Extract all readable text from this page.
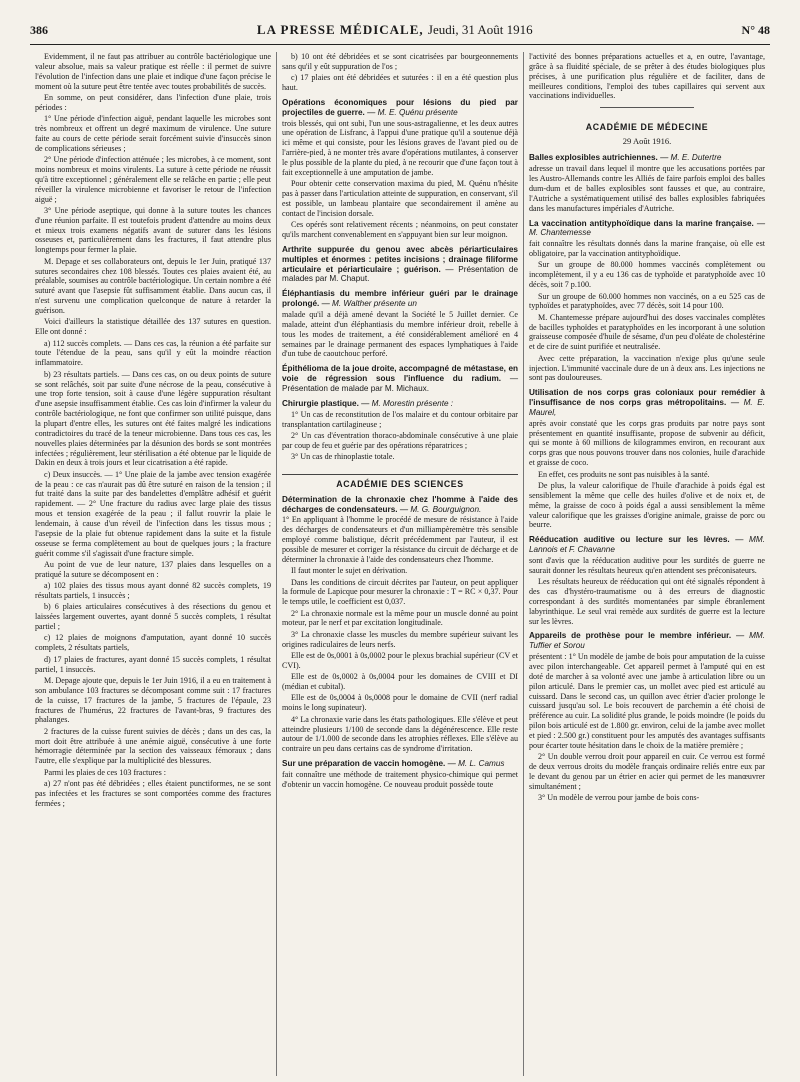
386	LA PRESSE MÉDICALE, Jeudi, 31 Août 1916	N° 48

Evidemment, il ne faut pas attribuer au contrôle bactériologique une valeur absolue, mais sa valeur pratique est réelle : il permet de suivre l'évolution de l'infection dans une plaie et indique d'une façon précise le moment où la suture peut être tentée avec toutes probabilités de succès.

En somme, on peut considérer, dans l'infection d'une plaie, trois périodes :

1° Une période d'infection aiguë, pendant laquelle les microbes sont très nombreux et offrent un degré maximum de virulence. Une suture faite au cours de cette période serait forcément suivie d'insuccès sinon de complications sérieuses ;

2° Une période d'infection atténuée ; les microbes, à ce moment, sont moins nombreux et moins virulents. La suture à cette période ne réussit qu'à titre exceptionnel ; généralement elle se relâche en partie ; elle peut réveiller la virulence microbienne et favoriser le retour de l'infection aiguë ;

3° Une période aseptique, qui donne à la suture toutes les chances d'une réunion parfaite. Il est toutefois prudent d'attendre au moins deux et mieux trois examens négatifs avant de suturer dans les lésions osseuses et, particulièrement dans les fractures, il faut attendre plus longtemps pour fermer la plaie.

M. Depage et ses collaborateurs ont, depuis le 1er Juin, pratiqué 137 sutures secondaires chez 108 blessés. Toutes ces plaies avaient été, au préalable, soumises au contrôle bactériologique. Un certain nombre a été suturé avant que l'asepsie fût suffisamment établie. Dans aucun cas, il n'est survenu une complication quelconque de nature à retarder la guérison.

Voici d'ailleurs la statistique détaillée des 137 sutures en question. Elle ont donné :

a) 112 succès complets. — Dans ces cas, la réunion a été parfaite sur toute l'étendue de la peau, sans qu'il y eût la moindre réaction inflammatoire.

b) 23 résultats partiels. — Dans ces cas, on ou deux points de suture se sont relâchés, soit par suite d'une nécrose de la peau, consécutive à une trop forte tension, soit à cause d'une légère suppuration résultant d'une asepsie insuffisamment établie. Ces cas loin d'infirmer la valeur du contrôle bactériologique, ne font que confirmer son utilité puisque, dans la plupart d'entre elles, les sutures ont été faites malgré les indications contradictoires du tracé de la teneur microbienne. Dans tous ces cas, les nouvelles plaies déterminées par la désunion des bords se sont montrées infectées ; régulièrement, leur stérilisation a été obtenue par le liquide de Dakin en deux à trois jours et leur cicatrisation a été rapide.

c) Deux insuccès. — 1° Une plaie de la jambe avec tension exagérée de la peau : ce cas n'aurait pas dû être suturé en raison de la tension ; il fut traité dans la suite par des bandelettes d'emplâtre adhésif et guérit rapidement. — 2° Une fracture du radius avec large plaie des tissus mous et tension exagérée de la peau ; il fallut rouvrir la plaie le lendemain, à cause d'un réveil de l'infection dans les tissus mous ; l'asepsie de la plaie fut obtenue rapidement dans la suite et la fistule osseuse se ferma complètement au bout de quelques jours ; la fracture guérit comme s'il s'agissait d'une fracture simple.

Au point de vue de leur nature, 137 plaies dans lesquelles on a pratiqué la suture se décomposent en :

a) 102 plaies des tissus mous ayant donné 82 succès complets, 19 résultats partiels, 1 insuccès ;

b) 6 plaies articulaires consécutives à des résections du genou et laissées largement ouvertes, ayant donné 5 succès complets, 1 résultat partiel ;

c) 12 plaies de moignons d'amputation, ayant donné 10 succès complets, 2 résultats partiels,

d) 17 plaies de fractures, ayant donné 15 succès complets, 1 résultat partiel, 1 insuccès.

M. Depage ajoute que, depuis le 1er Juin 1916, il a eu en traitement à son ambulance 103 fractures se décomposant comme suit : 17 fractures de la cuisse, 17 fractures de la jambe, 5 fractures de l'épaule, 23 fractures de l'humérus, 22 fractures de l'avant-bras, 9 fractures des phalanges.

2 fractures de la cuisse furent suivies de décès ; dans un des cas, la mort doit être attribuée à une anémie aiguë, consécutive à une forte hémorragie déterminée par la section des vaisseaux fémoraux ; dans l'autre, elle s'explique par la multiplicité des blessures.

Parmi les plaies de ces 103 fractures :

a) 27 n'ont pas été débridées ; elles étaient punctiformes, ne se sont pas infectées et les fractures se sont comportées comme des fractures fermées ;

b) 10 ont été débridées et se sont cicatrisées par bourgeonnements sans qu'il y eût suppuration de l'os ;

c) 17 plaies ont été débridées et suturées : il en a été question plus haut.

Opérations économiques pour lésions du pied par projectiles de guerre. — M. E. Quénu présente

trois blessés, qui ont subi, l'un une sous-astragalienne, et les deux autres une opération de Lisfranc, à l'appui d'une pratique qu'il a soutenue déjà ici même et qui consiste, pour les lésions graves de l'avant pied ou de l'arrière-pied, à ne monter très avare d'opérations mutilantes, à conserver le plus possible de la plante du pied, à ne recourir que d'une façon tout à fait exceptionnelle à une amputation de jambe.

Pour obtenir cette conservation maxima du pied, M. Quénu n'hésite pas à passer dans l'articulation atteinte de suppuration, en conservant, s'il est possible, un lambeau plantaire que secondairement il amène au contact de l'incision dorsale.

Ces opérés sont relativement récents ; néanmoins, on peut constater qu'ils marchent convenablement en s'appuyant bien sur leur moignon.

Arthrite suppurée du genou avec abcès périarticulaires multiples et énormes : petites incisions ; drainage filiforme articulaire et périarticulaire ; guérison. — Présentation de malades par M. Chaput.
Éléphantiasis du membre inférieur guéri par le drainage prolongé. — M. Walther présente un

malade qu'il a déjà amené devant la Société le 5 Juillet dernier. Ce malade, atteint d'un éléphantiasis du membre inférieur droit, rebelle à tous les modes de traitement, a été considérablement amélioré en 4 semaines par le drainage permanent des espaces lymphatiques à l'aide d'un tube de caoutchouc perforé.

Épithélioma de la joue droite, accompagné de métastase, en voie de régression sous l'influence du radium. — Présentation de malade par M. Michaux.
Chirurgie plastique. — M. Morestin présente :

1° Un cas de reconstitution de l'os malaire et du contour orbitaire par transplantation cartilagineuse ;

2° Un cas d'éventration thoraco-abdominale consécutive à une plaie par coup de feu et guérie par des opérations réparatrices ;

3° Un cas de rhinoplastie totale.

ACADÉMIE DES SCIENCES
Détermination de la chronaxie chez l'homme à l'aide des décharges de condensateurs. — M. G. Bourguignon.

1° En appliquant à l'homme le procédé de mesure de résistance à l'aide des décharges de condensateurs et d'un milliampèremètre très sensible employé comme balistique, décrit précédemment par l'auteur, il est possible de mesurer et corriger la résistance du circuit de décharge et de déterminer la chronaxie à l'aide des condensateurs chez l'homme.

Il faut monter le sujet en dérivation.

Dans les conditions de circuit décrites par l'auteur, on peut appliquer la formule de Lapicque pour mesurer la chronaxie : T = RC × 0,37. Pour le temps utile, le coefficient est 0,037.

2° La chronaxie normale est la même pour un muscle donné au point moteur, par le nerf et par excitation longitudinale.

3° La chronaxie classe les muscles du membre supérieur suivant les origines radiculaires de leurs nerfs.

Elle est de 0s,0001 à 0s,0002 pour le plexus brachial supérieur (CV et CVI).

Elle est de 0s,0002 à 0s,0004 pour les domaines de CVIII et DI (médian et cubital).

Elle est de 0s,0004 à 0s,0008 pour le domaine de CVII (nerf radial moins le long supinateur).

4° La chronaxie varie dans les états pathologiques. Elle s'élève et peut atteindre plusieurs 1/100 de seconde dans la dégénérescence. Elle reste autour de 1/1.000 de seconde dans les atrophies réflexes. Elle s'élève au contraire un peu dans certains cas de syndrome d'irritation.

Sur une préparation de vaccin homogène. — M. L. Camus

fait connaître une méthode de traitement physico-chimique qui permet d'obtenir un vaccin homogène. Ce nouveau produit possède toute

l'activité des bonnes préparations actuelles et a, en outre, l'avantage, grâce à sa fluidité spéciale, de se prêter à des études biologiques plus précises, à une purification plus régulière et de faciliter, dans de meilleures conditions, l'emploi des tubes capillaires qui servent aux vaccinations individuelles.

ACADÉMIE DE MÉDECINE
29 Août 1916.
Balles explosibles autrichiennes. — M. E. Dutertre

adresse un travail dans lequel il montre que les accusations portées par les Austro-Allemands contre les Alliés de faire parfois emploi des balles dum-dum et de balles explosibles sont fausses et que, au contraire, l'Autriche a systématiquement utilisé des balles explosibles fabriquées dans les manufactures impériales d'Autriche.

La vaccination antityphoïdique dans la marine française. — M. Chantemesse

fait connaître les résultats donnés dans la marine française, où elle est obligatoire, par la vaccination antityphoïdique.

Sur un groupe de 80.000 hommes vaccinés complètement ou incomplètement, il y a eu 136 cas de typhoïde et paratyphoïde avec 10 décès, soit 7 p.100.

Sur un groupe de 60.000 hommes non vaccinés, on a eu 525 cas de typhoïdes et paratyphoïdes, avec 77 décès, soit 14 pour 100.

M. Chantemesse prépare aujourd'hui des doses vaccinales complètes de bacilles typhoïdes et paratyphoïdes en les incorporant à une solution graisseuse composée d'huile de sésame, d'un peu d'oléate de cholestérine et de cire de suint purifiée et neutralisée.

Avec cette préparation, la vaccination n'exige plus qu'une seule injection. L'immunité vaccinale dure de un à deux ans. Les injections ne sont pas douloureuses.

Utilisation de nos corps gras coloniaux pour remédier à l'insuffisance de nos corps gras métropolitains. — M. E. Maurel,

après avoir constaté que les corps gras produits par notre pays sont présentement en quantité insuffisante, propose de subvenir au déficit, qui se monte à 60 millions de kilogrammes environ, en recourant aux corps gras que nous pouvons trouver dans nos colonies, huile d'arachide et graisse de coco.

En effet, ces produits ne sont pas nuisibles à la santé.

De plus, la valeur calorifique de l'huile d'arachide à poids égal est sensiblement la même que celle des huiles d'olive et de noix et, de même, la graisse de coco à poids égal a aussi sensiblement la même valeur calorifique que les graisses d'origine animale, graisse de porc ou beurre.

Rééducation auditive ou lecture sur les lèvres. — MM. Lannois et F. Chavanne

sont d'avis que la rééducation auditive pour les surdités de guerre ne saurait donner les résultats heureux qu'en attendent ses préconisateurs.

Les résultats heureux de rééducation qui ont été signalés répondent à des cas d'hystéro-traumatisme ou à des erreurs de diagnostic correspondant à des surdités momentanées par simple ébranlement labyrinthique. Le seul vrai remède aux surdités de guerre est la lecture sur les lèvres.

Appareils de prothèse pour le membre inférieur. — MM. Tuffier et Sorou

présentent : 1° Un modèle de jambe de bois pour amputation de la cuisse avec pilon interchangeable. Cet appareil permet à l'amputé qui en est doté de marcher à sa volonté avec une jambe à articulation libre ou un pilon articulé. Dans le premier cas, un mollet avec pied est articulé au cuissard. Dans le second cas, un quillon avec étrier d'acier prolonge le cuissard jusqu'au sol. Le bois recouvert de parchemin a été choisi de préférence au cuir. La solidité plus grande, le poids moindre (le poids du pilon bois articulé est de 1.800 gr. environ, celui de la jambe avec mollet et pied : 2.500 gr.) constituent pour les amputés des avantages suffisants pour écarter toute hésitation dans le choix de la matière première ;

2° Un double verrou droit pour appareil en cuir. Ce verrou est formé de deux verrous droits du modèle français ordinaire reliés entre eux par le devant du genou par un étrier en acier qui permet de les manœuvrer simultanément ;

3° Un modèle de verrou pour jambe de bois cons-
